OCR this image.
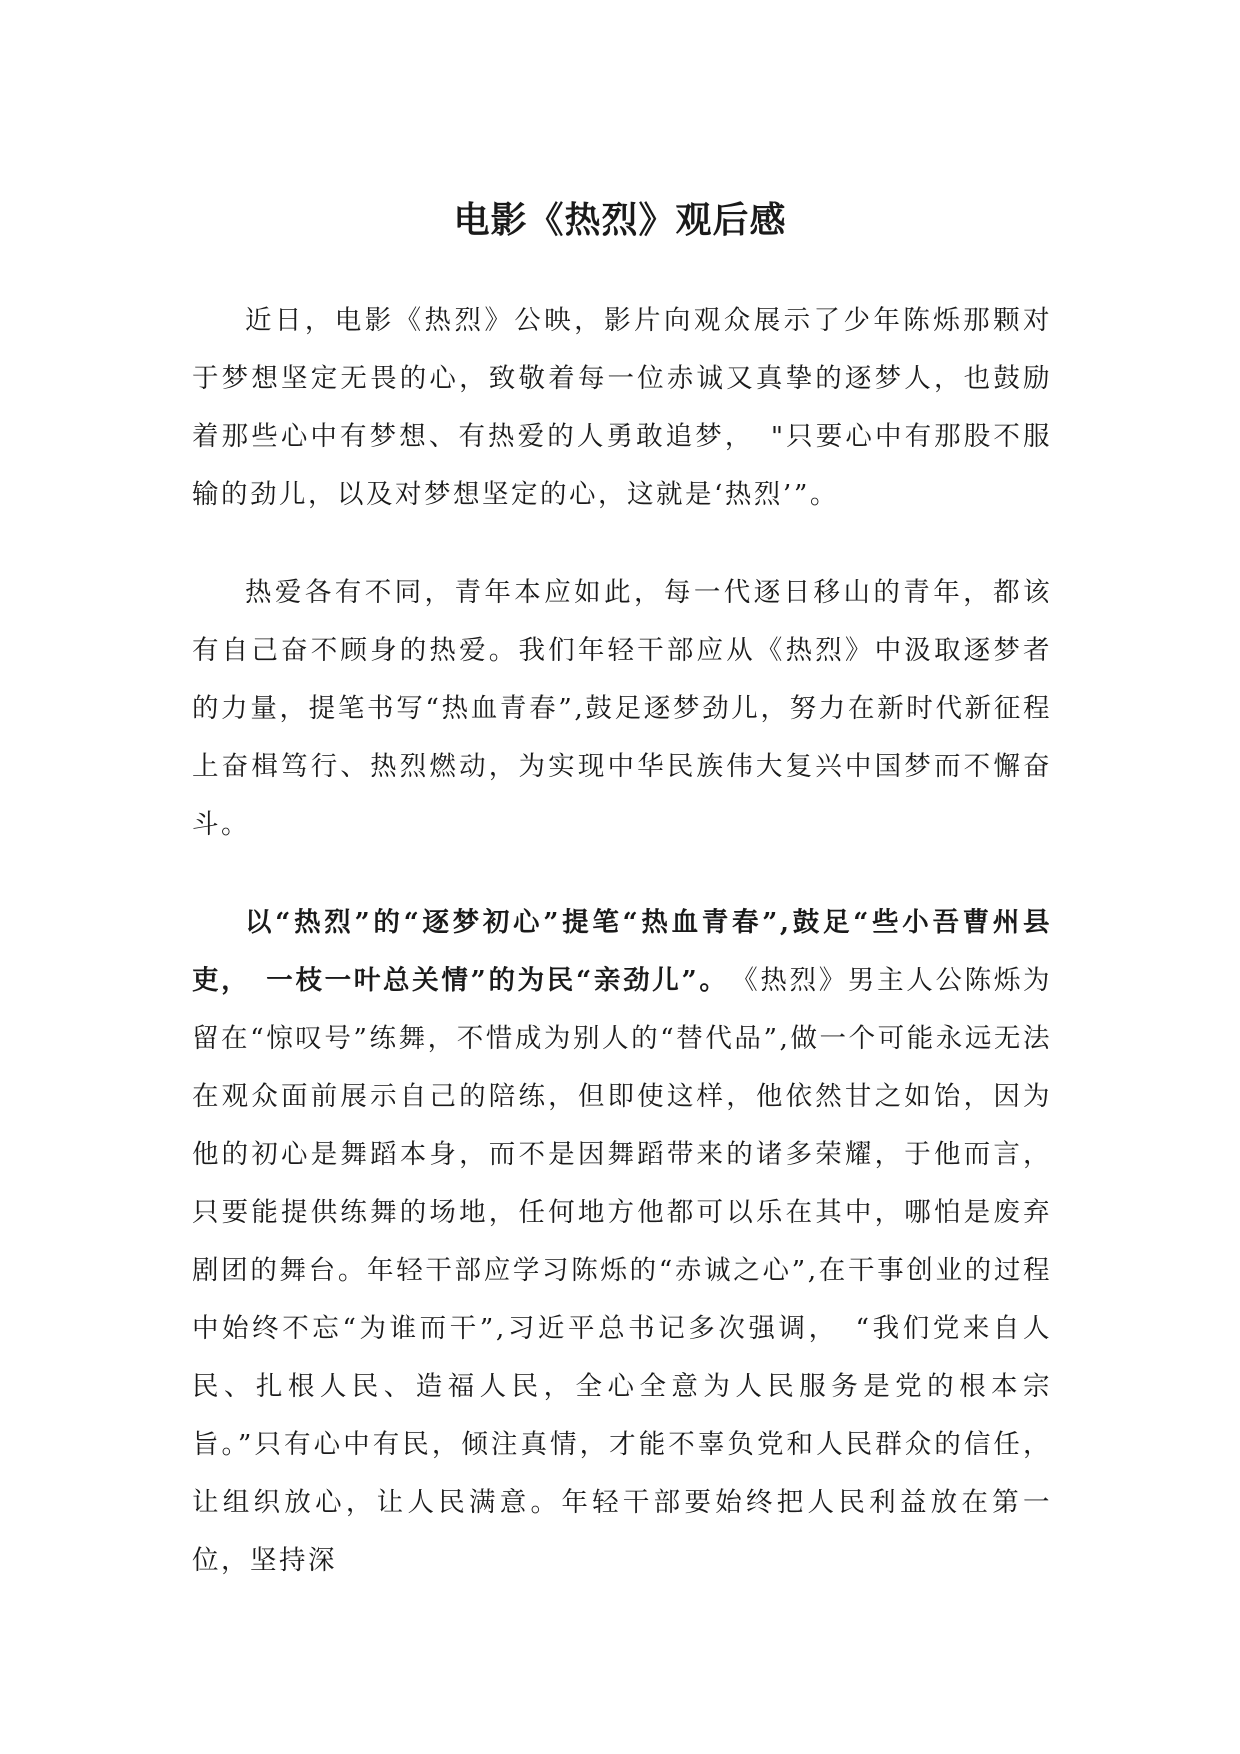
电影《热烈》观后感

近日，电影《热烈》公映，影片向观众展示了少年陈烁那颗对于梦想坚定无畏的心，致敬着每一位赤诚又真挚的逐梦人，也鼓励着那些心中有梦想、有热爱的人勇敢追梦，　"只要心中有那股不服输的劲儿，以及对梦想坚定的心，这就是‘热烈’”。

热爱各有不同，青年本应如此，每一代逐日移山的青年，都该有自己奋不顾身的热爱。我们年轻干部应从《热烈》中汲取逐梦者的力量，提笔书写“热血青春”,鼓足逐梦劲儿，努力在新时代新征程上奋楫笃行、热烈燃动，为实现中华民族伟大复兴中国梦而不懈奋斗。

以“热烈”的“逐梦初心”提笔“热血青春”,鼓足“些小吾曹州县吏，　一枝一叶总关情”的为民“亲劲儿”。　《热烈》男主人公陈烁为留在“惊叹号”练舞，不惜成为别人的“替代品”,做一个可能永远无法在观众面前展示自己的陪练，但即使这样，他依然甘之如饴，因为他的初心是舞蹈本身，而不是因舞蹈带来的诸多荣耀，于他而言，只要能提供练舞的场地，任何地方他都可以乐在其中，哪怕是废弃剧团的舞台。年轻干部应学习陈烁的“赤诚之心”,在干事创业的过程中始终不忘“为谁而干”,习近平总书记多次强调，　“我们党来自人民、扎根人民、造福人民，全心全意为人民服务是党的根本宗旨。”只有心中有民，倾注真情，才能不辜负党和人民群众的信任，让组织放心，让人民满意。年轻干部要始终把人民利益放在第一位，坚持深
